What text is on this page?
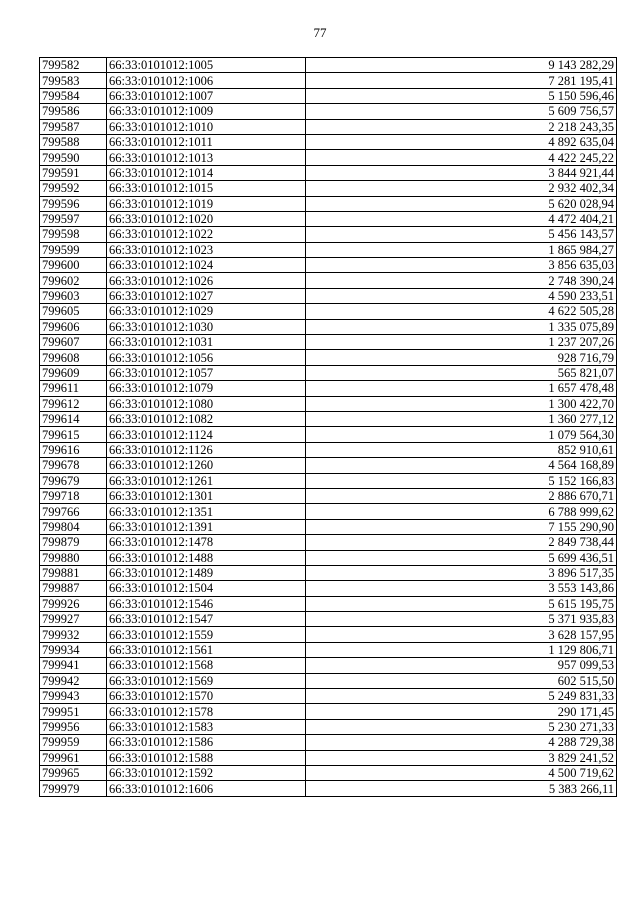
77
799582	66:33:0101012:1005	9 143 282,29
799583	66:33:0101012:1006	7 281 195,41
799584	66:33:0101012:1007	5 150 596,46
799586	66:33:0101012:1009	5 609 756,57
799587	66:33:0101012:1010	2 218 243,35
799588	66:33:0101012:1011	4 892 635,04
799590	66:33:0101012:1013	4 422 245,22
799591	66:33:0101012:1014	3 844 921,44
799592	66:33:0101012:1015	2 932 402,34
799596	66:33:0101012:1019	5 620 028,94
799597	66:33:0101012:1020	4 472 404,21
799598	66:33:0101012:1022	5 456 143,57
799599	66:33:0101012:1023	1 865 984,27
799600	66:33:0101012:1024	3 856 635,03
799602	66:33:0101012:1026	2 748 390,24
799603	66:33:0101012:1027	4 590 233,51
799605	66:33:0101012:1029	4 622 505,28
799606	66:33:0101012:1030	1 335 075,89
799607	66:33:0101012:1031	1 237 207,26
799608	66:33:0101012:1056	928 716,79
799609	66:33:0101012:1057	565 821,07
799611	66:33:0101012:1079	1 657 478,48
799612	66:33:0101012:1080	1 300 422,70
799614	66:33:0101012:1082	1 360 277,12
799615	66:33:0101012:1124	1 079 564,30
799616	66:33:0101012:1126	852 910,61
799678	66:33:0101012:1260	4 564 168,89
799679	66:33:0101012:1261	5 152 166,83
799718	66:33:0101012:1301	2 886 670,71
799766	66:33:0101012:1351	6 788 999,62
799804	66:33:0101012:1391	7 155 290,90
799879	66:33:0101012:1478	2 849 738,44
799880	66:33:0101012:1488	5 699 436,51
799881	66:33:0101012:1489	3 896 517,35
799887	66:33:0101012:1504	3 553 143,86
799926	66:33:0101012:1546	5 615 195,75
799927	66:33:0101012:1547	5 371 935,83
799932	66:33:0101012:1559	3 628 157,95
799934	66:33:0101012:1561	1 129 806,71
799941	66:33:0101012:1568	957 099,53
799942	66:33:0101012:1569	602 515,50
799943	66:33:0101012:1570	5 249 831,33
799951	66:33:0101012:1578	290 171,45
799956	66:33:0101012:1583	5 230 271,33
799959	66:33:0101012:1586	4 288 729,38
799961	66:33:0101012:1588	3 829 241,52
799965	66:33:0101012:1592	4 500 719,62
799979	66:33:0101012:1606	5 383 266,11
